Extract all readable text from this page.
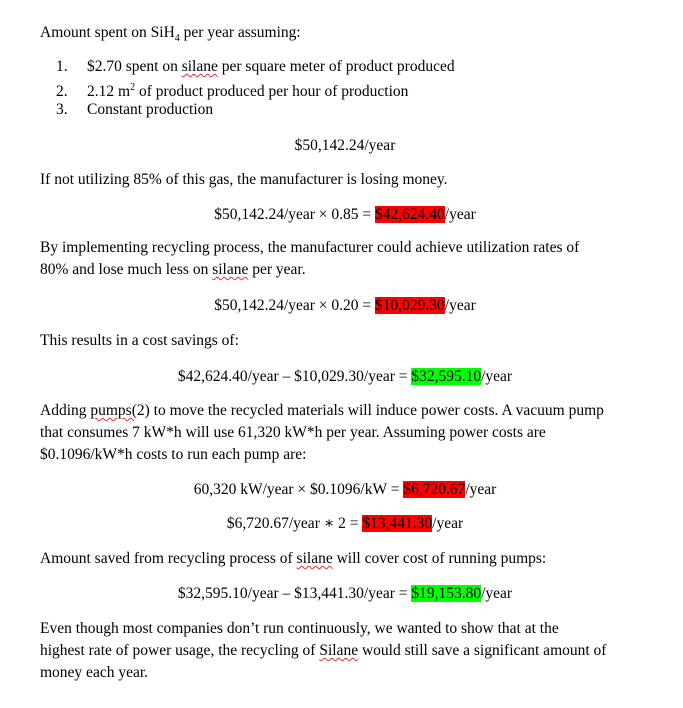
Amount spent on SiH$_4$ per year assuming:
1. $2.70 spent on silane per square meter of product produced
2. 2.12 $m^2$ of product produced per hour of production
3. Constant production
$50,142.24/year
If not utilizing 85% of this gas, the manufacturer is losing money.
$50,142.24/year × 0.85 = $42,624.40/year
By implementing recycling process, the manufacturer could achieve utilization rates of
80% and lose much less on silane per year.
$50,142.24/year × 0.20 = $10,029.30/year
This results in a cost savings of:
$42,624.40/year – $10,029.30/year = $32,595.10/year
Adding pumps(2) to move the recycled materials will induce power costs. A vacuum pump
that consumes 7 kW*h will use 61,320 kW*h per year. Assuming power costs are
$0.1096/kW*h costs to run each pump are:
60,320 kW/year × $0.1096/kW = $6,720.67/year
$6,720.67/year ∗ 2 = $13,441.30/year
Amount saved from recycling process of silane will cover cost of running pumps:
$32,595.10/year – $13,441.30/year = $19,153.80/year
Even though most companies don’t run continuously, we wanted to show that at the
highest rate of power usage, the recycling of Silane would still save a significant amount of
money each year.
